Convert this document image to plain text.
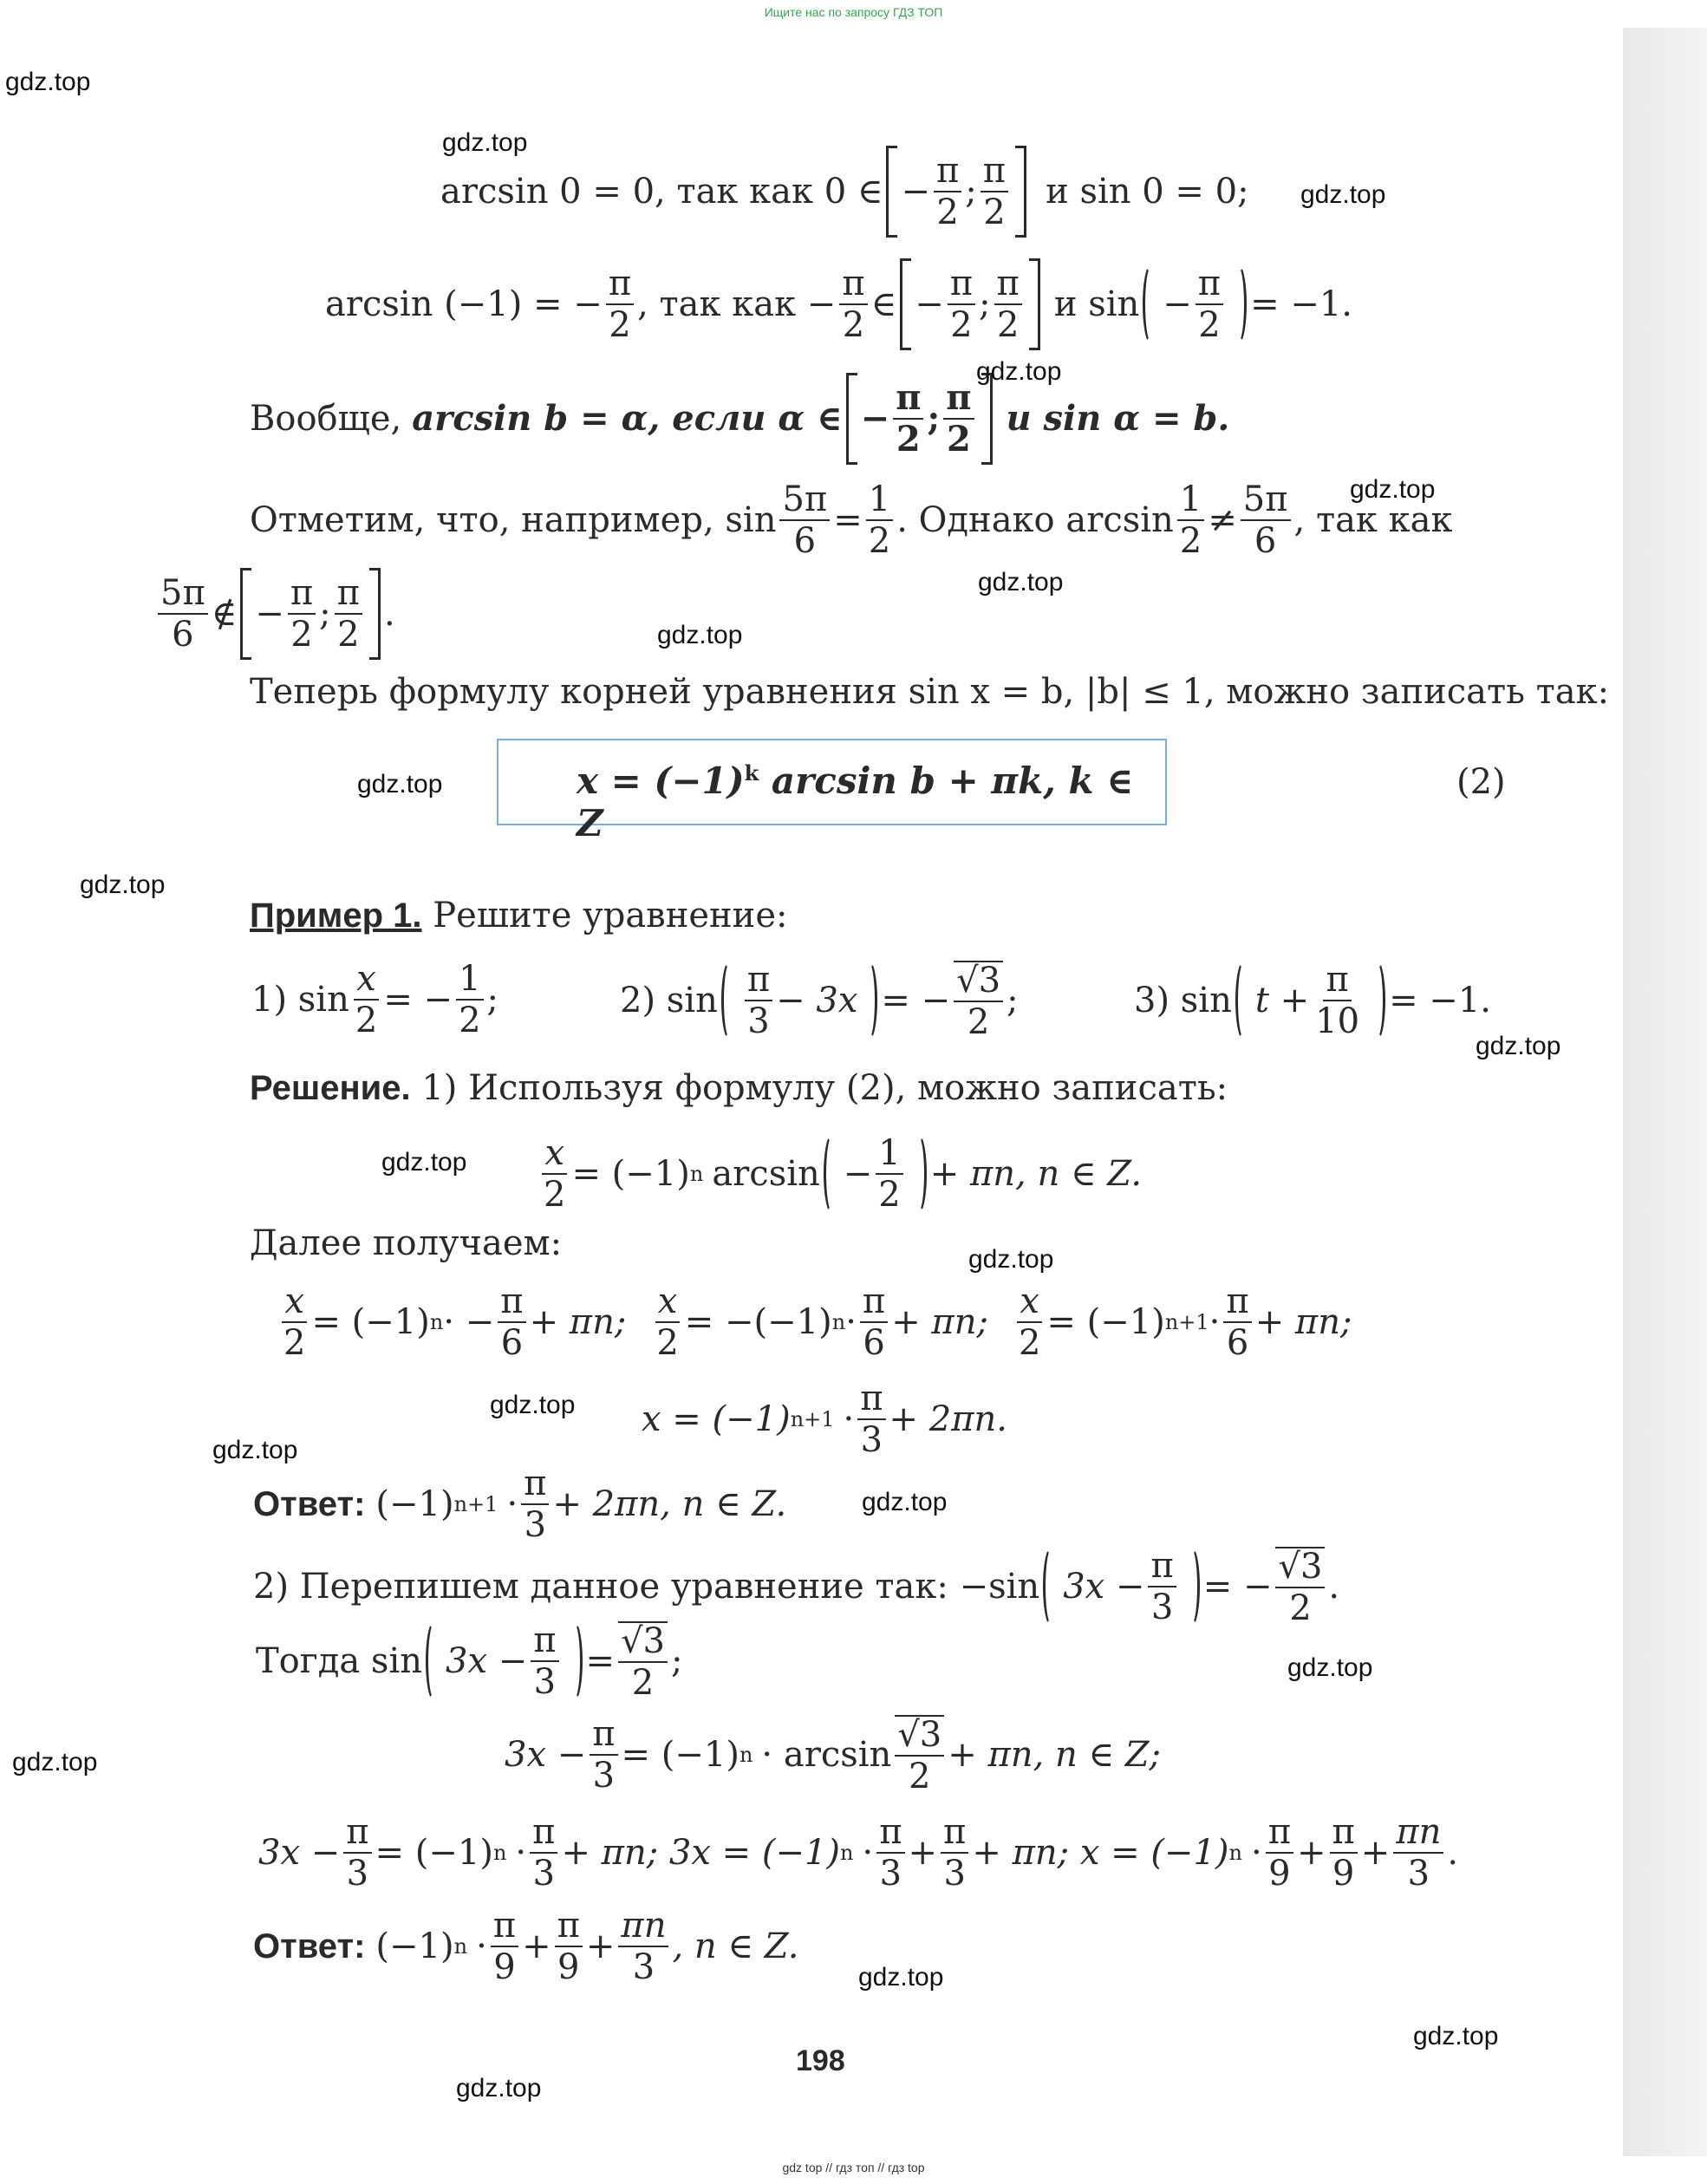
Ищите нас по запросу ГДЗ ТОП
arcsin 0 = 0, так как 0 ∈ − $\frac{\pi}{2}$ ; $\frac{\pi}{2}$ и sin 0 = 0;
arcsin (−1) = − $\frac{\pi}{2}$ , так как − $\frac{\pi}{2}$ ∈ − $\frac{\pi}{2}$ ; $\frac{\pi}{2}$ и $\sin - \frac{\pi}{2} = -1$.
Вообще, arcsin b = α, если α ∈ − $\frac{\pi}{2}$ ; $\frac{\pi}{2}$ и sin α = b.
Отметим, что, например, $\sin \frac{5\pi}{6} = \frac{1}{2}$ . Однако $\arcsin \frac{1}{2} \ne \frac{5\pi}{6}$ , так как
$\frac{5\pi}{6}$ ∉ − $\frac{\pi}{2}$ ; $\frac{\pi}{2}$ .
Теперь формулу корней уравнения sin x = b, |b| ≤ 1, можно записать так:
$x = (-1)^k$ arcsin b + πk, k ∈ Z
(2)
Пример 1. Решите уравнение:
1) $\sin \frac{x}{2}$ = − $\frac{1}{2}$ ;	2) $\sin \frac{\pi}{3} - 3x$ = − $\frac{√3}{2}$ ;	3) $\sin t + \frac{\pi}{10} = -1$.
Решение. 1) Используя формулу (2), можно записать:
$\frac{x}{2} = (-1)$ n $\arcsin - \frac{1}{2} + \pi n$, n ∈ Z.
Далее получаем:
$\frac{x}{2} = (-1) n$ · − $\frac{\pi}{6} + \pi n$; $\frac{x}{2} = -(-1) n \cdot \frac{\pi}{6} + \pi n$; $\frac{x}{2} = (-1) n+1 \cdot \frac{\pi}{6} + \pi n$;
x = (−1) $n+1 \cdot \frac{\pi}{3} + 2\pi n$.
Ответ: (−1) $n+1 \cdot \frac{\pi}{3} + 2\pi n$, n ∈ Z.
2) Перепишем данное уравнение так: −sin $3x - \frac{\pi}{3}$ = − $\frac{√3}{2}$ .
Тогда $\sin 3x - \frac{\pi}{3} = \frac{√3}{2}$ ;
$3x - \frac{\pi}{3} = (-1) n \cdot \arcsin \frac{√3}{2} + \pi n$, n ∈ Z;
$3x - \frac{\pi}{3} = (-1) n \cdot \frac{\pi}{3} + \pi n$; 3x = (−1) $n \cdot \frac{\pi}{3} + \frac{\pi}{3} + \pi n$; x = (−1) $n \cdot \frac{\pi}{9} + \frac{\pi}{9} + \frac{\pi n}{3}$ .
Ответ: (−1) $n \cdot \frac{\pi}{9} + \frac{\pi}{9} + \frac{\pi n}{3}$ , n ∈ Z.
198
gdz.top
gdz.top
gdz.top
gdz.top
gdz.top
gdz.top
gdz.top
gdz.top
gdz.top
gdz.top
gdz.top
gdz.top
gdz.top
gdz.top
gdz.top
gdz.top
gdz.top
gdz.top
gdz.top
gdz.top
gdz top // гдз топ // гдз top
